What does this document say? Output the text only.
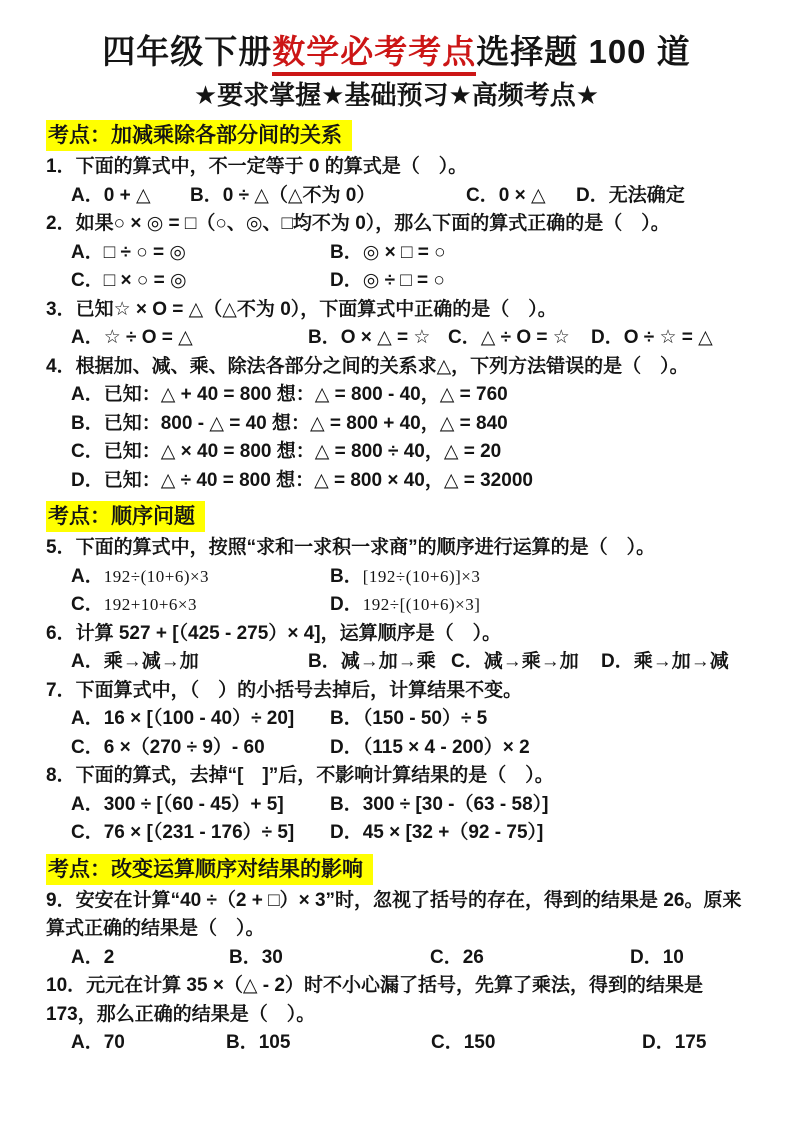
四年级下册数学必考考点选择题 100 道
★要求掌握★基础预习★高频考点★
考点：加减乘除各部分间的关系
1．下面的算式中，不一定等于 0 的算式是（　）。
A．0 + △ B．0 ÷ △（△不为 0）	C．0 × △ D．无法确定
2．如果○ × ◎ = □（○、◎、□均不为 0），那么下面的算式正确的是（　）。
A．□ ÷ ○ = ◎	B．◎ × □ = ○
C．□ × ○ = ◎	D．◎ ÷ □ = ○
3．已知☆ × O = △（△不为 0），下面算式中正确的是（　）。
A．☆ ÷ O = △	B．O × △ = ☆ C．△ ÷ O = ☆ D．O ÷ ☆ = △
4．根据加、减、乘、除法各部分之间的关系求△，下列方法错误的是（　）。
A．已知：△ + 40 = 800 想：△ = 800 - 40，△ = 760
B．已知：800 - △ = 40 想：△ = 800 + 40，△ = 840
C．已知：△ × 40 = 800 想：△ = 800 ÷ 40，△ = 20
D．已知：△ ÷ 40 = 800 想：△ = 800 × 40，△ = 32000
考点：顺序问题
5．下面的算式中，按照“求和一求积一求商”的顺序进行运算的是（　）。
A．192÷(10+6)×3	B．[192÷(10+6)]×3
C．192+10+6×3	D．192÷[(10+6)×3]
6．计算 527 + [（425 - 275）× 4]，运算顺序是（　）。
A．乘→减→加	B．减→加→乘 C．减→乘→加 D．乘→加→减
7．下面算式中，（　）的小括号去掉后，计算结果不变。
A．16 × [（100 - 40）÷ 20]	B．（150 - 50）÷ 5
C．6 ×（270 ÷ 9）- 60	D．（115 × 4 - 200）× 2
8．下面的算式，去掉“[　]”后，不影响计算结果的是（　）。
A．300 ÷ [（60 - 45）+ 5]	B．300 ÷ [30 -（63 - 58）]
C．76 × [（231 - 176）÷ 5]	D．45 × [32 +（92 - 75）]
考点：改变运算顺序对结果的影响
9．安安在计算“40 ÷（2 + □）× 3”时，忽视了括号的存在，得到的结果是 26。原来算式正确的结果是（　）。
A．2	B．30	C．26	D．10
10．元元在计算 35 ×（△ - 2）时不小心漏了括号，先算了乘法，得到的结果是 173，那么正确的结果是（　）。
A．70	B．105	C．150	D．175
